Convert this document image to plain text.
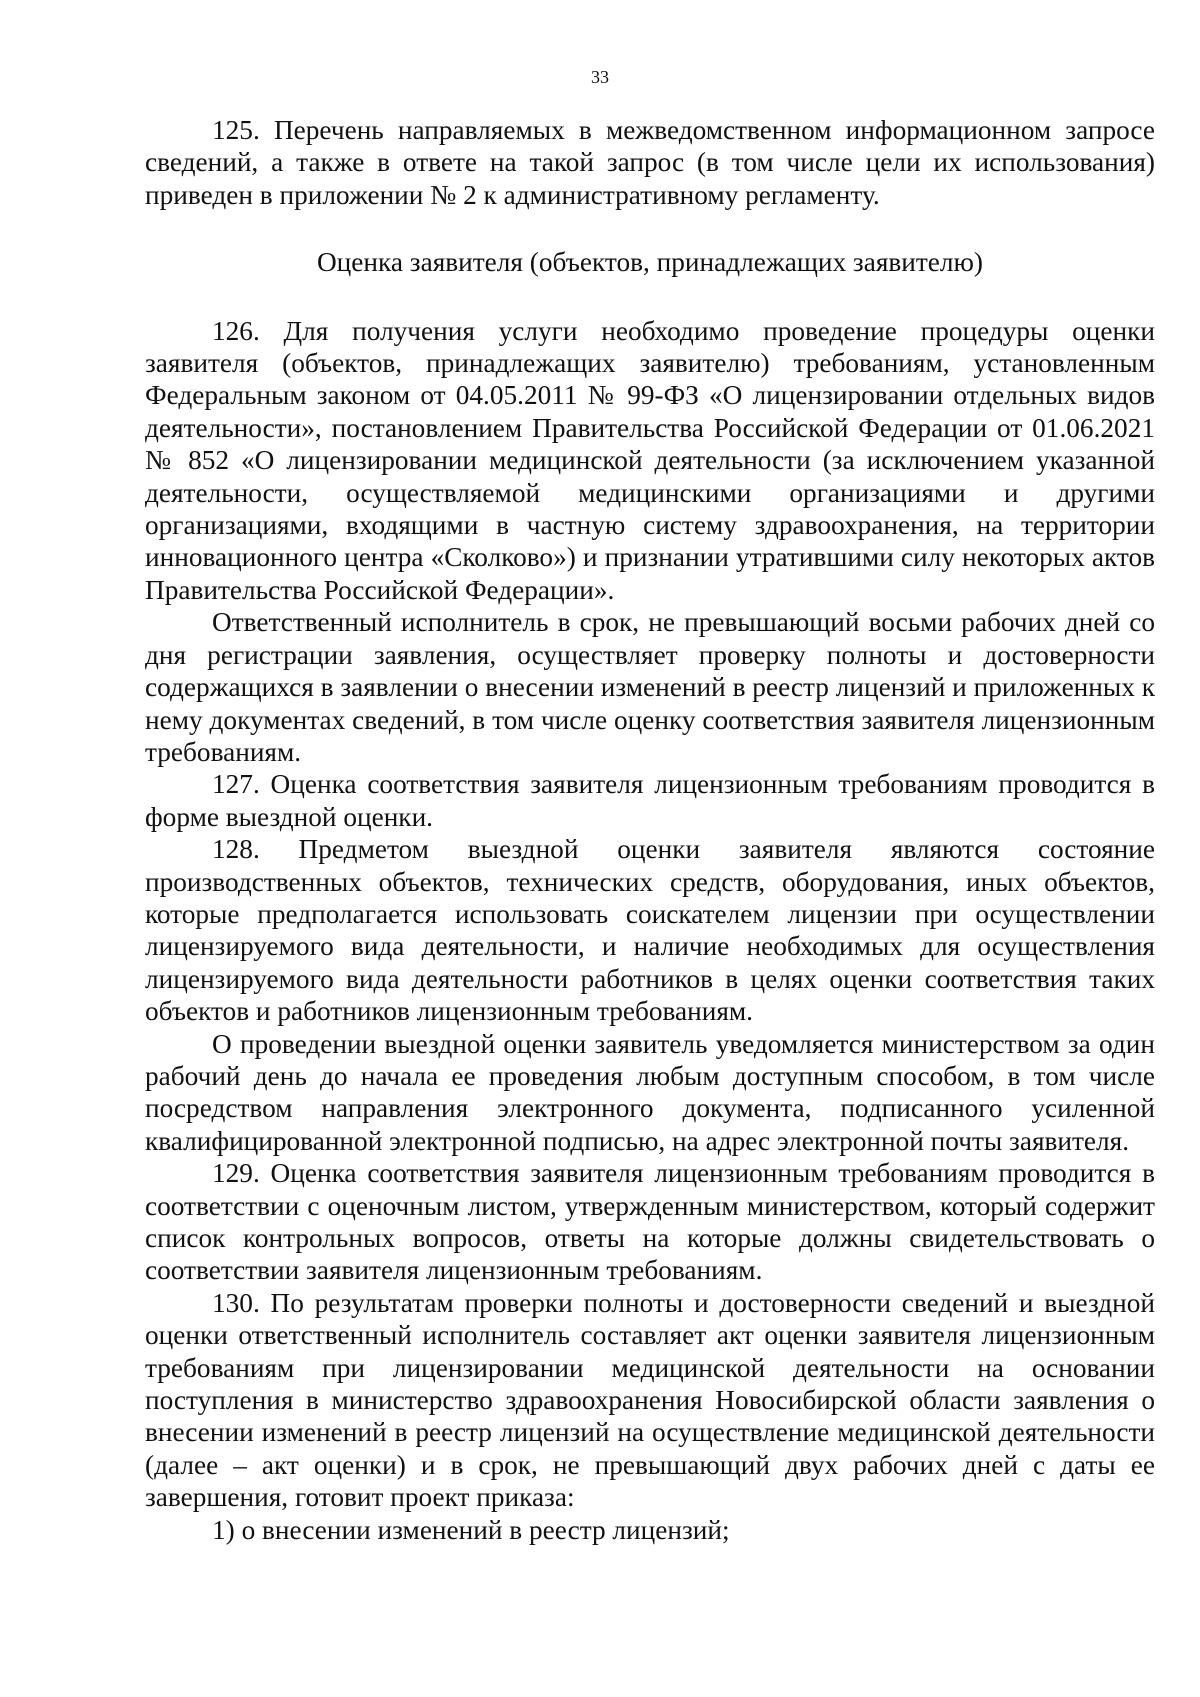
33

125. Перечень направляемых в межведомственном информационном запросе сведений, а также в ответе на такой запрос (в том числе цели их использования) приведен в приложении № 2 к административному регламенту.

Оценка заявителя (объектов, принадлежащих заявителю)

126. Для получения услуги необходимо проведение процедуры оценки заявителя (объектов, принадлежащих заявителю) требованиям, установленным Федеральным законом от 04.05.2011 № 99-ФЗ «О лицензировании отдельных видов деятельности», постановлением Правительства Российской Федерации от 01.06.2021 № 852 «О лицензировании медицинской деятельности (за исключением указанной деятельности, осуществляемой медицинскими организациями и другими организациями, входящими в частную систему здравоохранения, на территории инновационного центра «Сколково») и признании утратившими силу некоторых актов Правительства Российской Федерации».

Ответственный исполнитель в срок, не превышающий восьми рабочих дней со дня регистрации заявления, осуществляет проверку полноты и достоверности содержащихся в заявлении о внесении изменений в реестр лицензий и приложенных к нему документах сведений, в том числе оценку соответствия заявителя лицензионным требованиям.

127. Оценка соответствия заявителя лицензионным требованиям проводится в форме выездной оценки.

128. Предметом выездной оценки заявителя являются состояние производственных объектов, технических средств, оборудования, иных объектов, которые предполагается использовать соискателем лицензии при осуществлении лицензируемого вида деятельности, и наличие необходимых для осуществления лицензируемого вида деятельности работников в целях оценки соответствия таких объектов и работников лицензионным требованиям.

О проведении выездной оценки заявитель уведомляется министерством за один рабочий день до начала ее проведения любым доступным способом, в том числе посредством направления электронного документа, подписанного усиленной квалифицированной электронной подписью, на адрес электронной почты заявителя.

129. Оценка соответствия заявителя лицензионным требованиям проводится в соответствии с оценочным листом, утвержденным министерством, который содержит список контрольных вопросов, ответы на которые должны свидетельствовать о соответствии заявителя лицензионным требованиям.

130. По результатам проверки полноты и достоверности сведений и выездной оценки ответственный исполнитель составляет акт оценки заявителя лицензионным требованиям при лицензировании медицинской деятельности на основании поступления в министерство здравоохранения Новосибирской области заявления о внесении изменений в реестр лицензий на осуществление медицинской деятельности (далее – акт оценки) и в срок, не превышающий двух рабочих дней с даты ее завершения, готовит проект приказа:

1) о внесении изменений в реестр лицензий;
